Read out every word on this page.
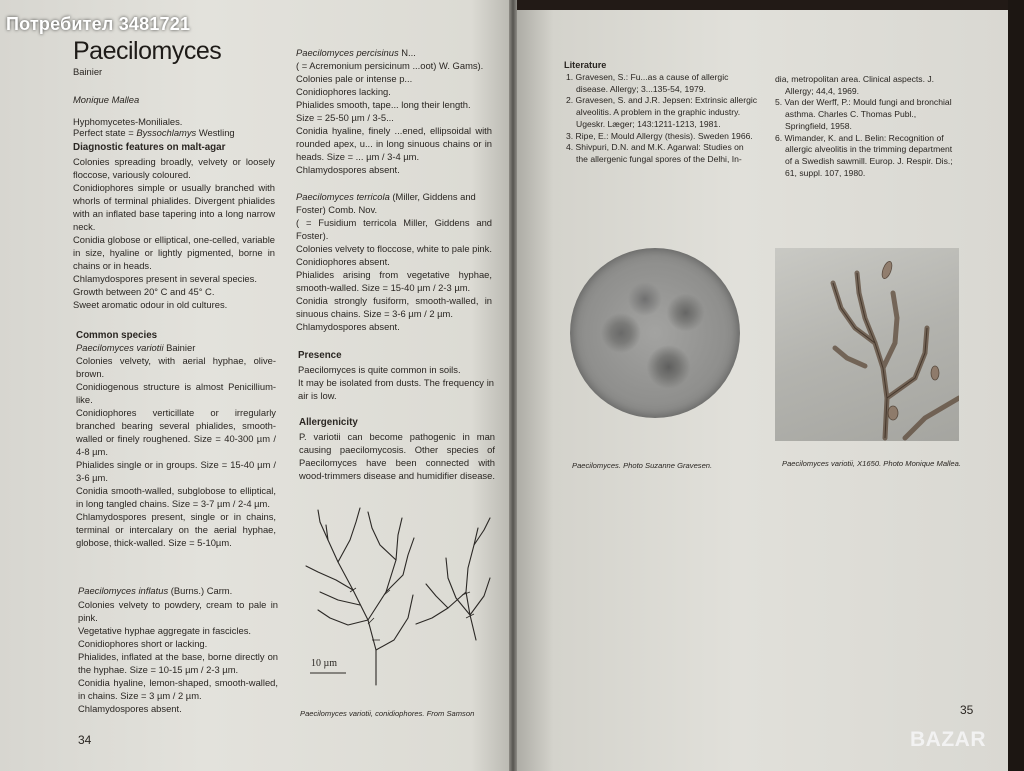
Потребител 3481721
Paecilomyces

Bainier

Monique Mallea

Hyphomycetes-Moniliales.

Perfect state = Byssochlamys Westling

Diagnostic features on malt-agar

Colonies spreading broadly, velvety or loosely floccose, variously coloured.

Conidiophores simple or usually branched with whorls of terminal phialides. Divergent phialides with an inflated base tapering into a long narrow neck.

Conidia globose or elliptical, one-celled, variable in size, hyaline or lightly pigmented, borne in chains or in heads.

Chlamydospores present in several species.

Growth between 20° C and 45° C.

Sweet aromatic odour in old cultures.

Common species

Paecilomyces variotii Bainier

Colonies velvety, with aerial hyphae, olive-brown.

Conidiogenous structure is almost Penicillium-like.

Conidiophores verticillate or irregularly branched bearing several phialides, smooth-walled or finely roughened. Size = 40-300 µm / 4-8 µm.

Phialides single or in groups. Size = 15-40 µm / 3-6 µm.

Conidia smooth-walled, subglobose to elliptical, in long tangled chains. Size = 3-7 µm / 2-4 µm.

Chlamydospores present, single or in chains, terminal or intercalary on the aerial hyphae, globose, thick-walled. Size = 5-10µm.

Paecilomyces inflatus (Burns.) Carm.

Colonies velvety to powdery, cream to pale in pink.

Vegetative hyphae aggregate in fascicles.

Conidiophores short or lacking.

Phialides, inflated at the base, borne directly on the hyphae. Size = 10-15 µm / 2-3 µm.

Conidia hyaline, lemon-shaped, smooth-walled, in chains. Size = 3 µm / 2 µm.

Chlamydospores absent.

34

Paecilomyces percisinus N...

( = Acremonium persicinum ...oot) W. Gams).

Colonies pale or intense p...

Conidiophores lacking.

Phialides smooth, tape... long their length.

Size = 25-50 µm / 3-5...

Conidia hyaline, finely ...ened, ellipsoidal with rounded apex, u... in long sinuous chains or in heads. Size = ... µm / 3-4 µm.

Chlamydospores absent.

Paecilomyces terricola (Miller, Giddens and Foster) Comb. Nov.

( = Fusidium terricola Miller, Giddens and Foster).

Colonies velvety to floccose, white to pale pink.

Conidiophores absent.

Phialides arising from vegetative hyphae, smooth-walled. Size = 15-40 µm / 2-3 µm.

Conidia strongly fusiform, smooth-walled, in sinuous chains. Size = 3-6 µm / 2 µm.

Chlamydospores absent.

Presence

Paecilomyces is quite common in soils.

It may be isolated from dusts. The frequency in air is low.

Allergenicity

P. variotii can become pathogenic in man causing paecilomycosis. Other species of Paecilomyces have been connected with wood-trimmers disease and humidifier disease.

10 µm

Paecilomyces variotii, conidiophores. From Samson

Literature

1. Gravesen, S.: Fu...as a cause of allergic disease. Allergy; 3...135-54, 1979.
2. Gravesen, S. and J.R. Jepsen: Extrinsic allergic alveolitis. A problem in the graphic industry. Ugeskr. Læger; 143:1211-1213, 1981.
3. Ripe, E.: Mould Allergy (thesis). Sweden 1966.
4. Shivpuri, D.N. and M.K. Agarwal: Studies on the allergenic fungal spores of the Delhi, In-
dia, metropolitan area. Clinical aspects. J. Allergy; 44,4, 1969.
5. Van der Werff, P.: Mould fungi and bronchial asthma. Charles C. Thomas Publ., Springfield, 1958.
6. Wimander, K. and L. Belin: Recognition of allergic alveolitis in the trimming department of a Swedish sawmill. Europ. J. Respir. Dis.; 61, suppl. 107, 1980.

Paecilomyces. Photo Suzanne Gravesen.	Paecilomyces variotii, X1650. Photo Monique Mallea.

35
BAZAR
